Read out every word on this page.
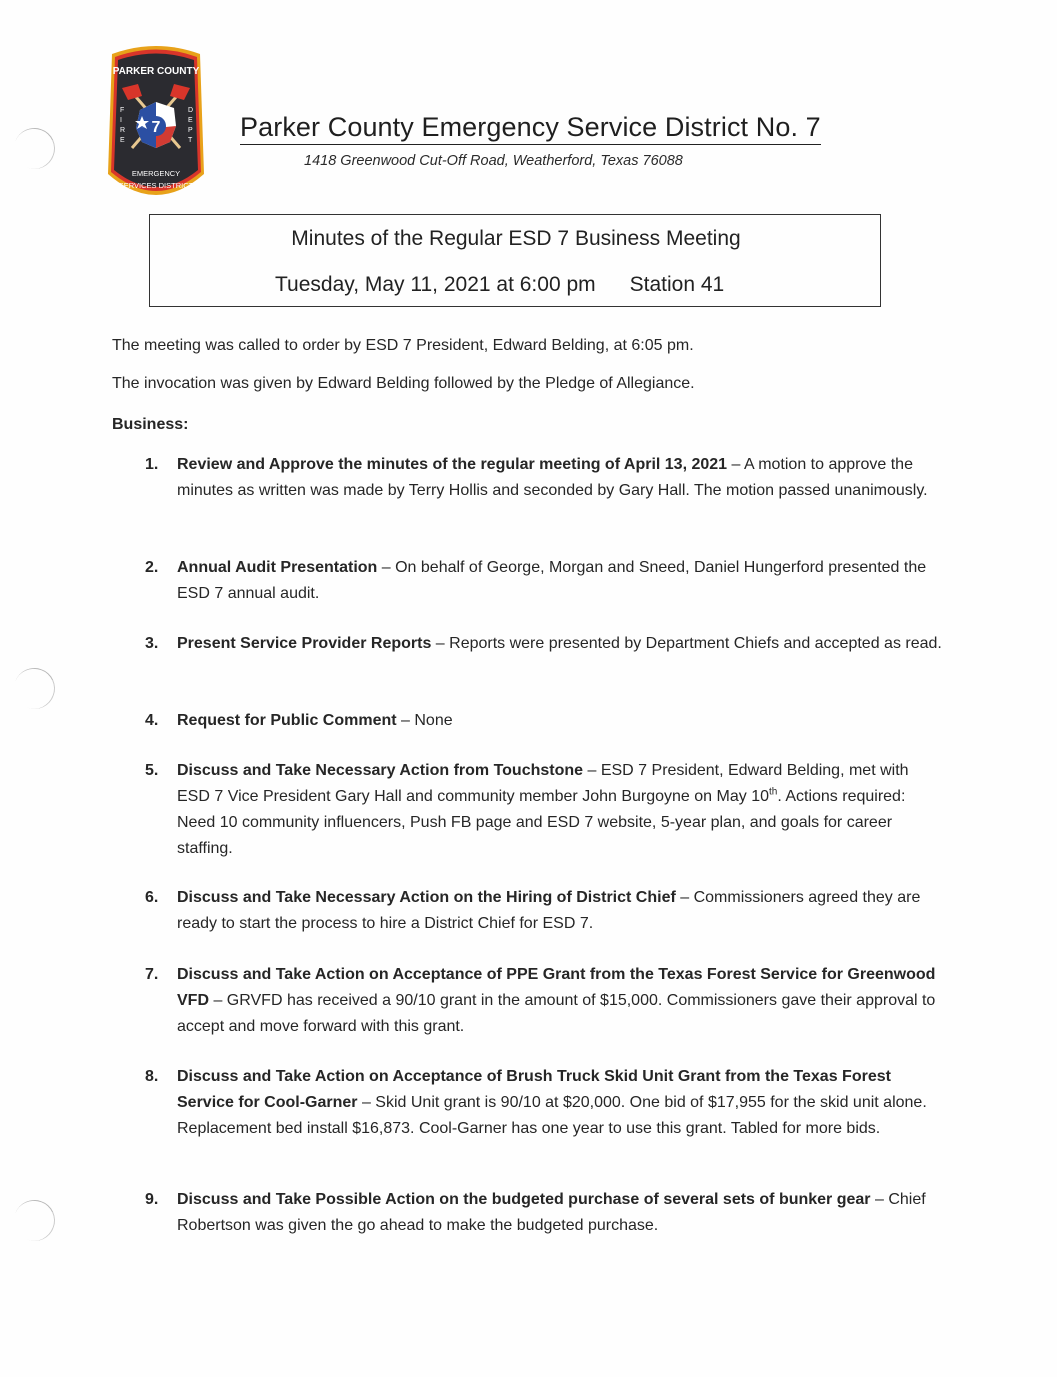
PARKER COUNTY
7
F
I
R
E
D
E
P
T
EMERGENCY
SERVICES DISTRICT
Parker County Emergency Service District No. 7
1418 Greenwood Cut-Off Road, Weatherford, Texas 76088
Minutes of the Regular ESD 7 Business Meeting
Tuesday, May 11, 2021 at 6:00 pm Station 41
The meeting was called to order by ESD 7 President, Edward Belding, at 6:05 pm.
The invocation was given by Edward Belding followed by the Pledge of Allegiance.
Business:
1. Review and Approve the minutes of the regular meeting of April 13, 2021 – A motion to approve the minutes as written was made by Terry Hollis and seconded by Gary Hall. The motion passed unanimously.
2. Annual Audit Presentation – On behalf of George, Morgan and Sneed, Daniel Hungerford presented the ESD 7 annual audit.
3. Present Service Provider Reports – Reports were presented by Department Chiefs and accepted as read.
4. Request for Public Comment – None
5. Discuss and Take Necessary Action from Touchstone – ESD 7 President, Edward Belding, met with ESD 7 Vice President Gary Hall and community member John Burgoyne on May 10th. Actions required: Need 10 community influencers, Push FB page and ESD 7 website, 5-year plan, and goals for career staffing.
6. Discuss and Take Necessary Action on the Hiring of District Chief – Commissioners agreed they are ready to start the process to hire a District Chief for ESD 7.
7. Discuss and Take Action on Acceptance of PPE Grant from the Texas Forest Service for Greenwood VFD – GRVFD has received a 90/10 grant in the amount of $15,000. Commissioners gave their approval to accept and move forward with this grant.
8. Discuss and Take Action on Acceptance of Brush Truck Skid Unit Grant from the Texas Forest Service for Cool-Garner – Skid Unit grant is 90/10 at $20,000. One bid of $17,955 for the skid unit alone. Replacement bed install $16,873. Cool-Garner has one year to use this grant. Tabled for more bids.
9. Discuss and Take Possible Action on the budgeted purchase of several sets of bunker gear – Chief Robertson was given the go ahead to make the budgeted purchase.
